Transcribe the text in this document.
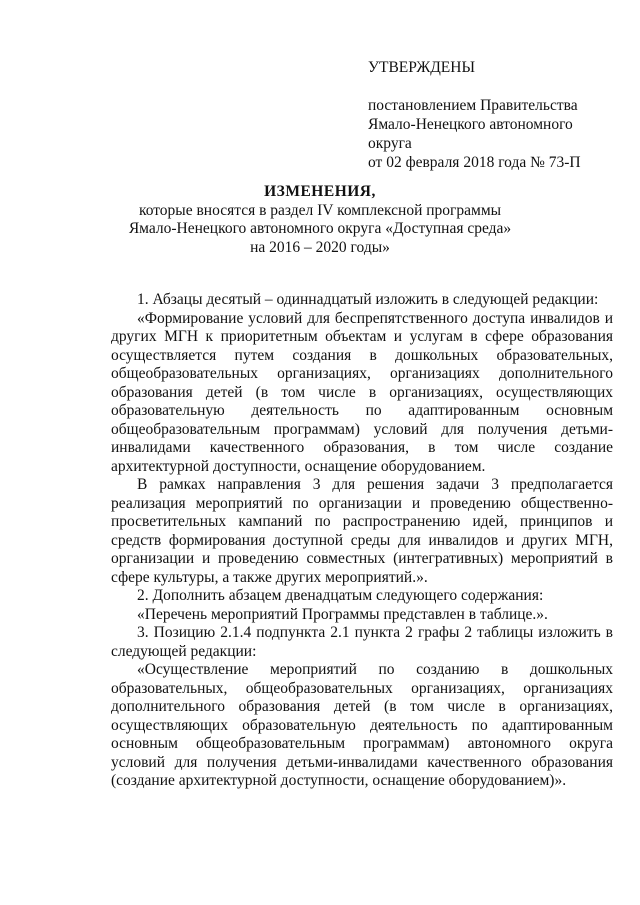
УТВЕРЖДЕНЫ
постановлением Правительства
Ямало-Ненецкого автономного округа
от 02 февраля 2018 года № 73-П
ИЗМЕНЕНИЯ,
которые вносятся в раздел IV комплексной программы
Ямало-Ненецкого автономного округа «Доступная среда»
на 2016 – 2020 годы»

1. Абзацы десятый – одиннадцатый изложить в следующей редакции:

«Формирование условий для беспрепятственного доступа инвалидов и других МГН к приоритетным объектам и услугам в сфере образования осуществляется путем создания в дошкольных образовательных, общеобразовательных организациях, организациях дополнительного образования детей (в том числе в организациях, осуществляющих образовательную деятельность по адаптированным основным общеобразовательным программам) условий для получения детьми-инвалидами качественного образования, в том числе создание архитектурной доступности, оснащение оборудованием.

В рамках направления 3 для решения задачи 3 предполагается реализация мероприятий по организации и проведению общественно-просветительных кампаний по распространению идей, принципов и средств формирования доступной среды для инвалидов и других МГН, организации и проведению совместных (интегративных) мероприятий в сфере культуры, а также других мероприятий.».

2. Дополнить абзацем двенадцатым следующего содержания:

«Перечень мероприятий Программы представлен в таблице.».

3. Позицию 2.1.4 подпункта 2.1 пункта 2 графы 2 таблицы изложить в следующей редакции:

«Осуществление мероприятий по созданию в дошкольных образовательных, общеобразовательных организациях, организациях дополнительного образования детей (в том числе в организациях, осуществляющих образовательную деятельность по адаптированным основным общеобразовательным программам) автономного округа условий для получения детьми-инвалидами качественного образования (создание архитектурной доступности, оснащение оборудованием)».
